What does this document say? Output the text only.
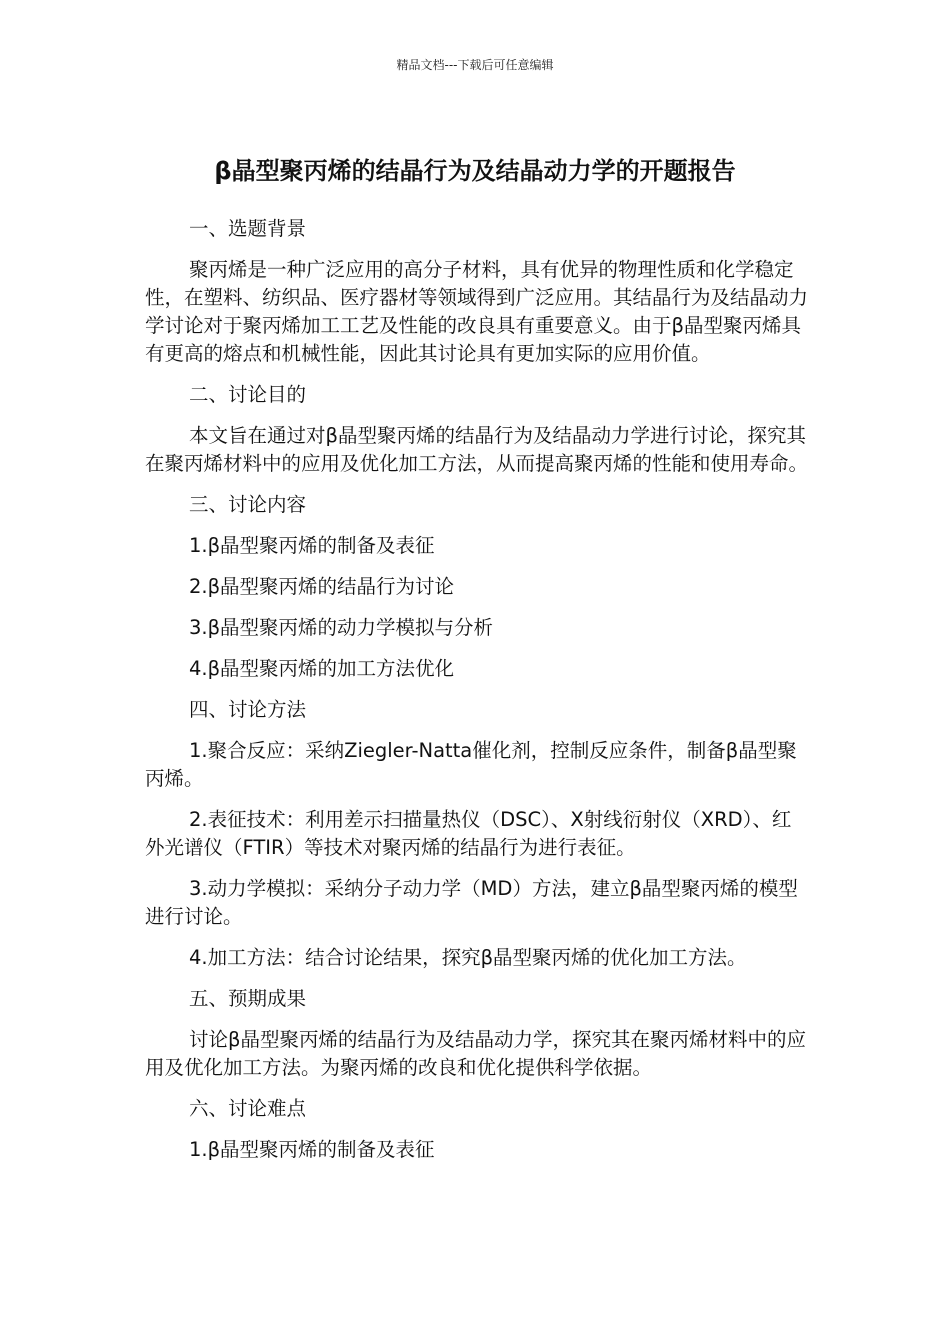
精品文档---下载后可任意编辑
β晶型聚丙烯的结晶行为及结晶动力学的开题报告

一、选题背景

聚丙烯是一种广泛应用的高分子材料，具有优异的物理性质和化学稳定性，在塑料、纺织品、医疗器材等领域得到广泛应用。其结晶行为及结晶动力学讨论对于聚丙烯加工工艺及性能的改良具有重要意义。由于β晶型聚丙烯具有更高的熔点和机械性能，因此其讨论具有更加实际的应用价值。

二、讨论目的

本文旨在通过对β晶型聚丙烯的结晶行为及结晶动力学进行讨论，探究其在聚丙烯材料中的应用及优化加工方法，从而提高聚丙烯的性能和使用寿命。

三、讨论内容

1.β晶型聚丙烯的制备及表征

2.β晶型聚丙烯的结晶行为讨论

3.β晶型聚丙烯的动力学模拟与分析

4.β晶型聚丙烯的加工方法优化

四、讨论方法

1.聚合反应：采纳Ziegler-Natta催化剂，控制反应条件，制备β晶型聚丙烯。

2.表征技术：利用差示扫描量热仪（DSC）、X射线衍射仪（XRD）、红外光谱仪（FTIR）等技术对聚丙烯的结晶行为进行表征。

3.动力学模拟：采纳分子动力学（MD）方法，建立β晶型聚丙烯的模型进行讨论。

4.加工方法：结合讨论结果，探究β晶型聚丙烯的优化加工方法。

五、预期成果

讨论β晶型聚丙烯的结晶行为及结晶动力学，探究其在聚丙烯材料中的应用及优化加工方法。为聚丙烯的改良和优化提供科学依据。

六、讨论难点

1.β晶型聚丙烯的制备及表征
